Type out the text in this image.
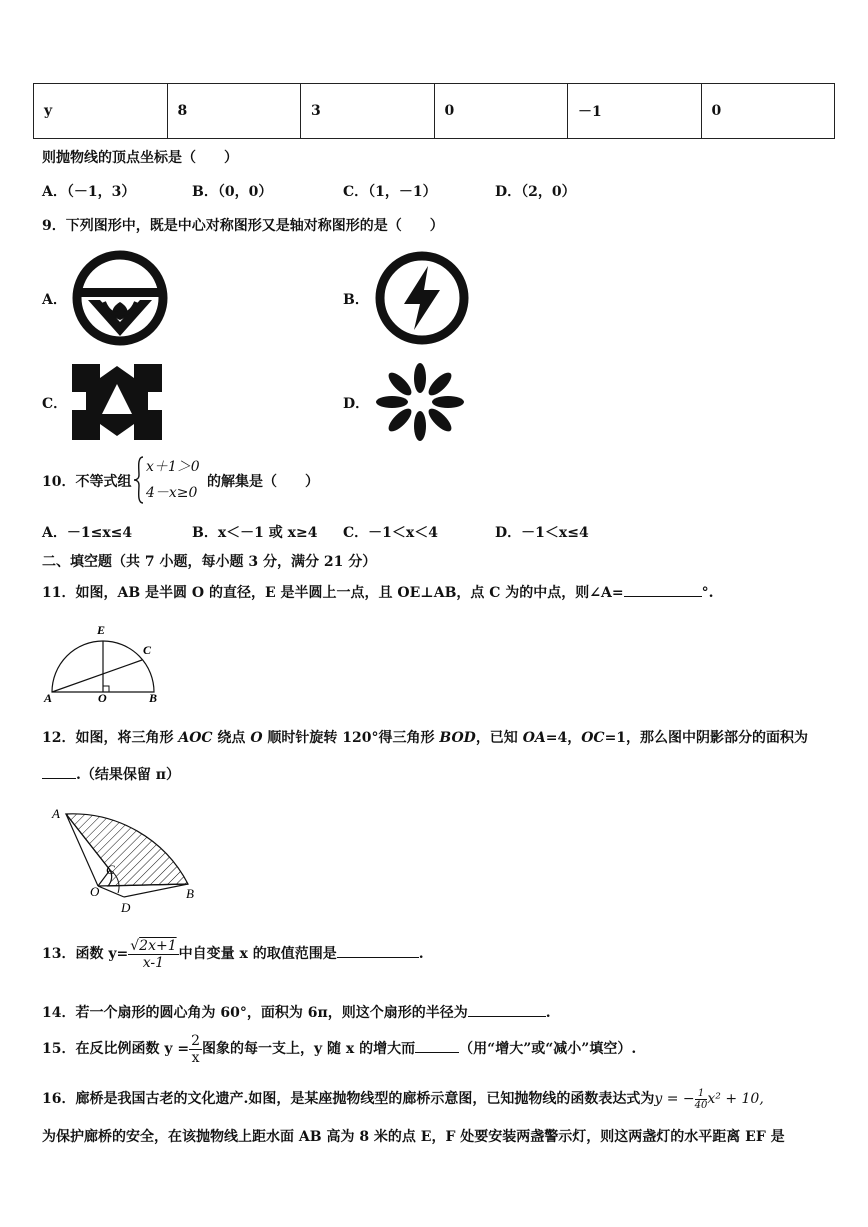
y	8	3	0	－1	0
则抛物线的顶点坐标是（　　）
A．（－1，3）	B．（0，0）	C．（1，－1）	D．（2，0）
9．下列图形中，既是中心对称图形又是轴对称图形的是（　　）
A．	B．
C．	D．
10．不等式组
x＋1＞0
4－x≥0
的解集是（　　）
A．－1≤x≤4	B．x＜－1 或 x≥4 C．－1＜x＜4	D．－1＜x≤4
二、填空题（共 7 小题，每小题 3 分，满分 21 分）
11．如图，AB 是半圆 O 的直径，E 是半圆上一点，且 OE⊥AB，点 C 为的中点，则∠A=	°.
E
C
A	O	B
12．如图，将三角形 AOC 绕点 O 顺时针旋转 120°得三角形 BOD，已知 OA=4，OC=1，那么图中阴影部分的面积为
.（结果保留 π）
A
C
O
D
B
13．函数 $y= \frac{√2x+1}{x-1}$ 中自变量 x 的取值范围是	.
14．若一个扇形的圆心角为 60°，面积为 6π，则这个扇形的半径为	.
15．在反比例函数 $y = \frac{2}{x}$ 图象的每一支上，y 随 x 的增大而	（用“增大”或“减小”填空）.
16．廊桥是我国古老的文化遗产.如图，是某座抛物线型的廊桥示意图，已知抛物线的函数表达式为y = − $\frac{1}{40} x^2 + 10$,
为保护廊桥的安全，在该抛物线上距水面 AB 高为 8 米的点 E，F 处要安装两盏警示灯，则这两盏灯的水平距离 EF 是
